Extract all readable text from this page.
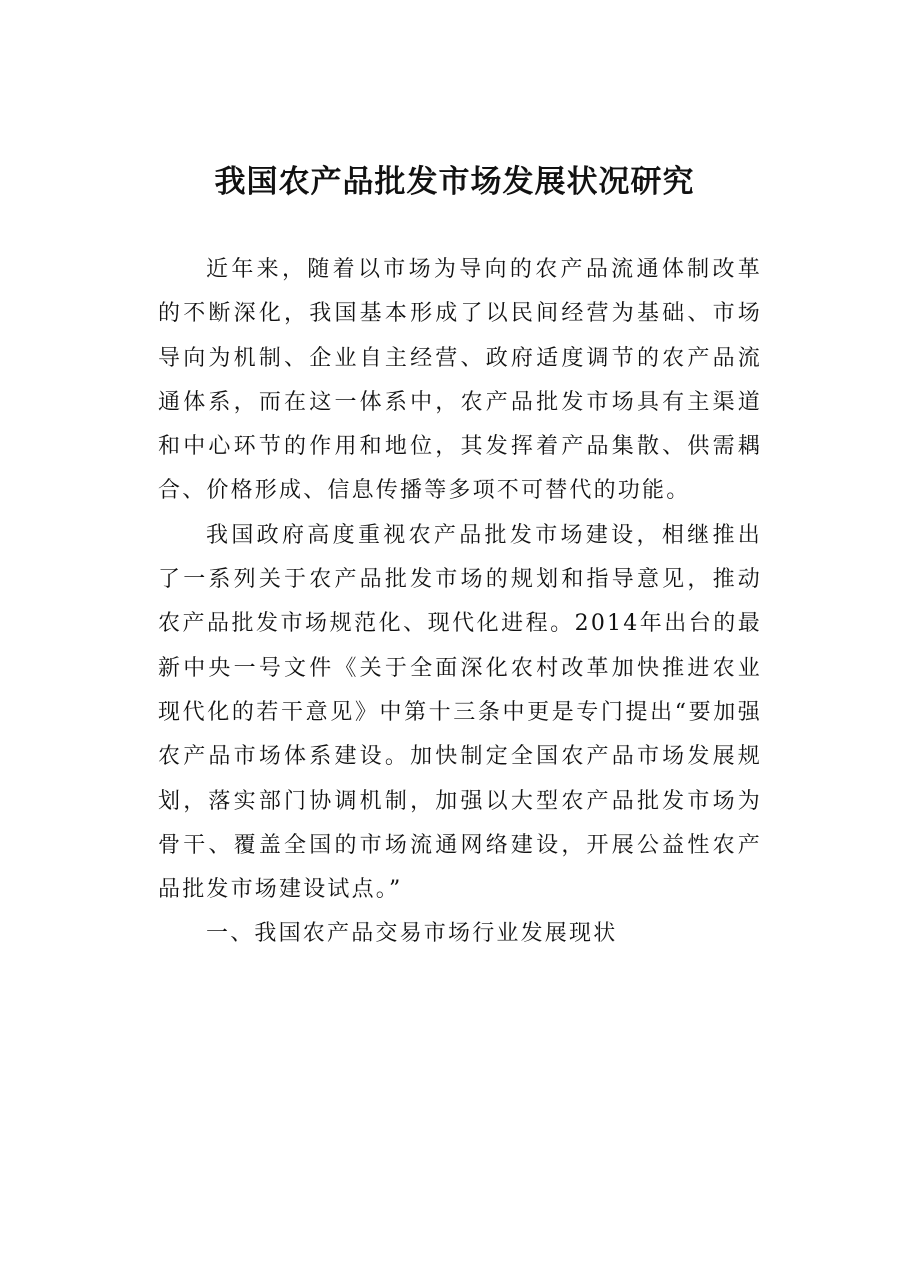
我国农产品批发市场发展状况研究

近年来，随着以市场为导向的农产品流通体制改革的不断深化，我国基本形成了以民间经营为基础、市场导向为机制、企业自主经营、政府适度调节的农产品流通体系，而在这一体系中，农产品批发市场具有主渠道和中心环节的作用和地位，其发挥着产品集散、供需耦合、价格形成、信息传播等多项不可替代的功能。

我国政府高度重视农产品批发市场建设，相继推出了一系列关于农产品批发市场的规划和指导意见，推动农产品批发市场规范化、现代化进程。2014年出台的最新中央一号文件《关于全面深化农村改革加快推进农业现代化的若干意见》中第十三条中更是专门提出“要加强农产品市场体系建设。加快制定全国农产品市场发展规划，落实部门协调机制，加强以大型农产品批发市场为骨干、覆盖全国的市场流通网络建设，开展公益性农产品批发市场建设试点。”

一、我国农产品交易市场行业发展现状
